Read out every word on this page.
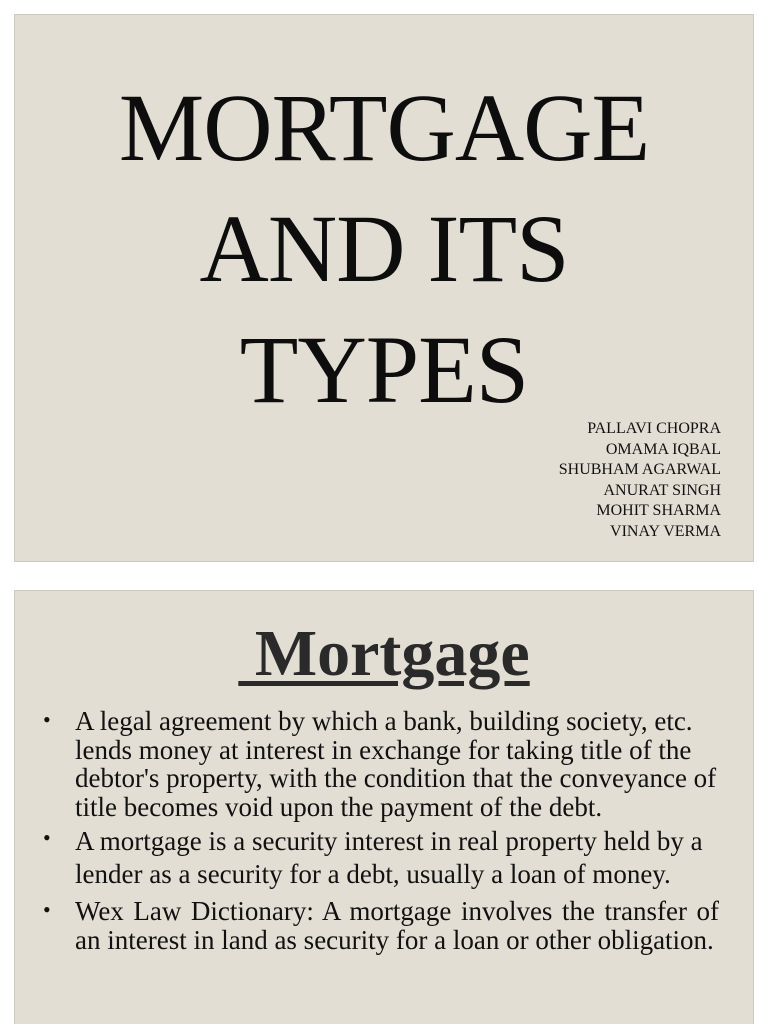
MORTGAGE
AND ITS
TYPES
PALLAVI CHOPRA
OMAMA IQBAL
SHUBHAM AGARWAL
ANURAT SINGH
MOHIT SHARMA
VINAY VERMA
Mortgage
• A legal agreement by which a bank, building society, etc. lends money at interest in exchange for taking title of the debtor's property, with the condition that the conveyance of title becomes void upon the payment of the debt.
• A mortgage is a security interest in real property held by a lender as a security for a debt, usually a loan of money.
• Wex Law Dictionary: A mortgage involves the transfer of an interest in land as security for a loan or other obligation.
